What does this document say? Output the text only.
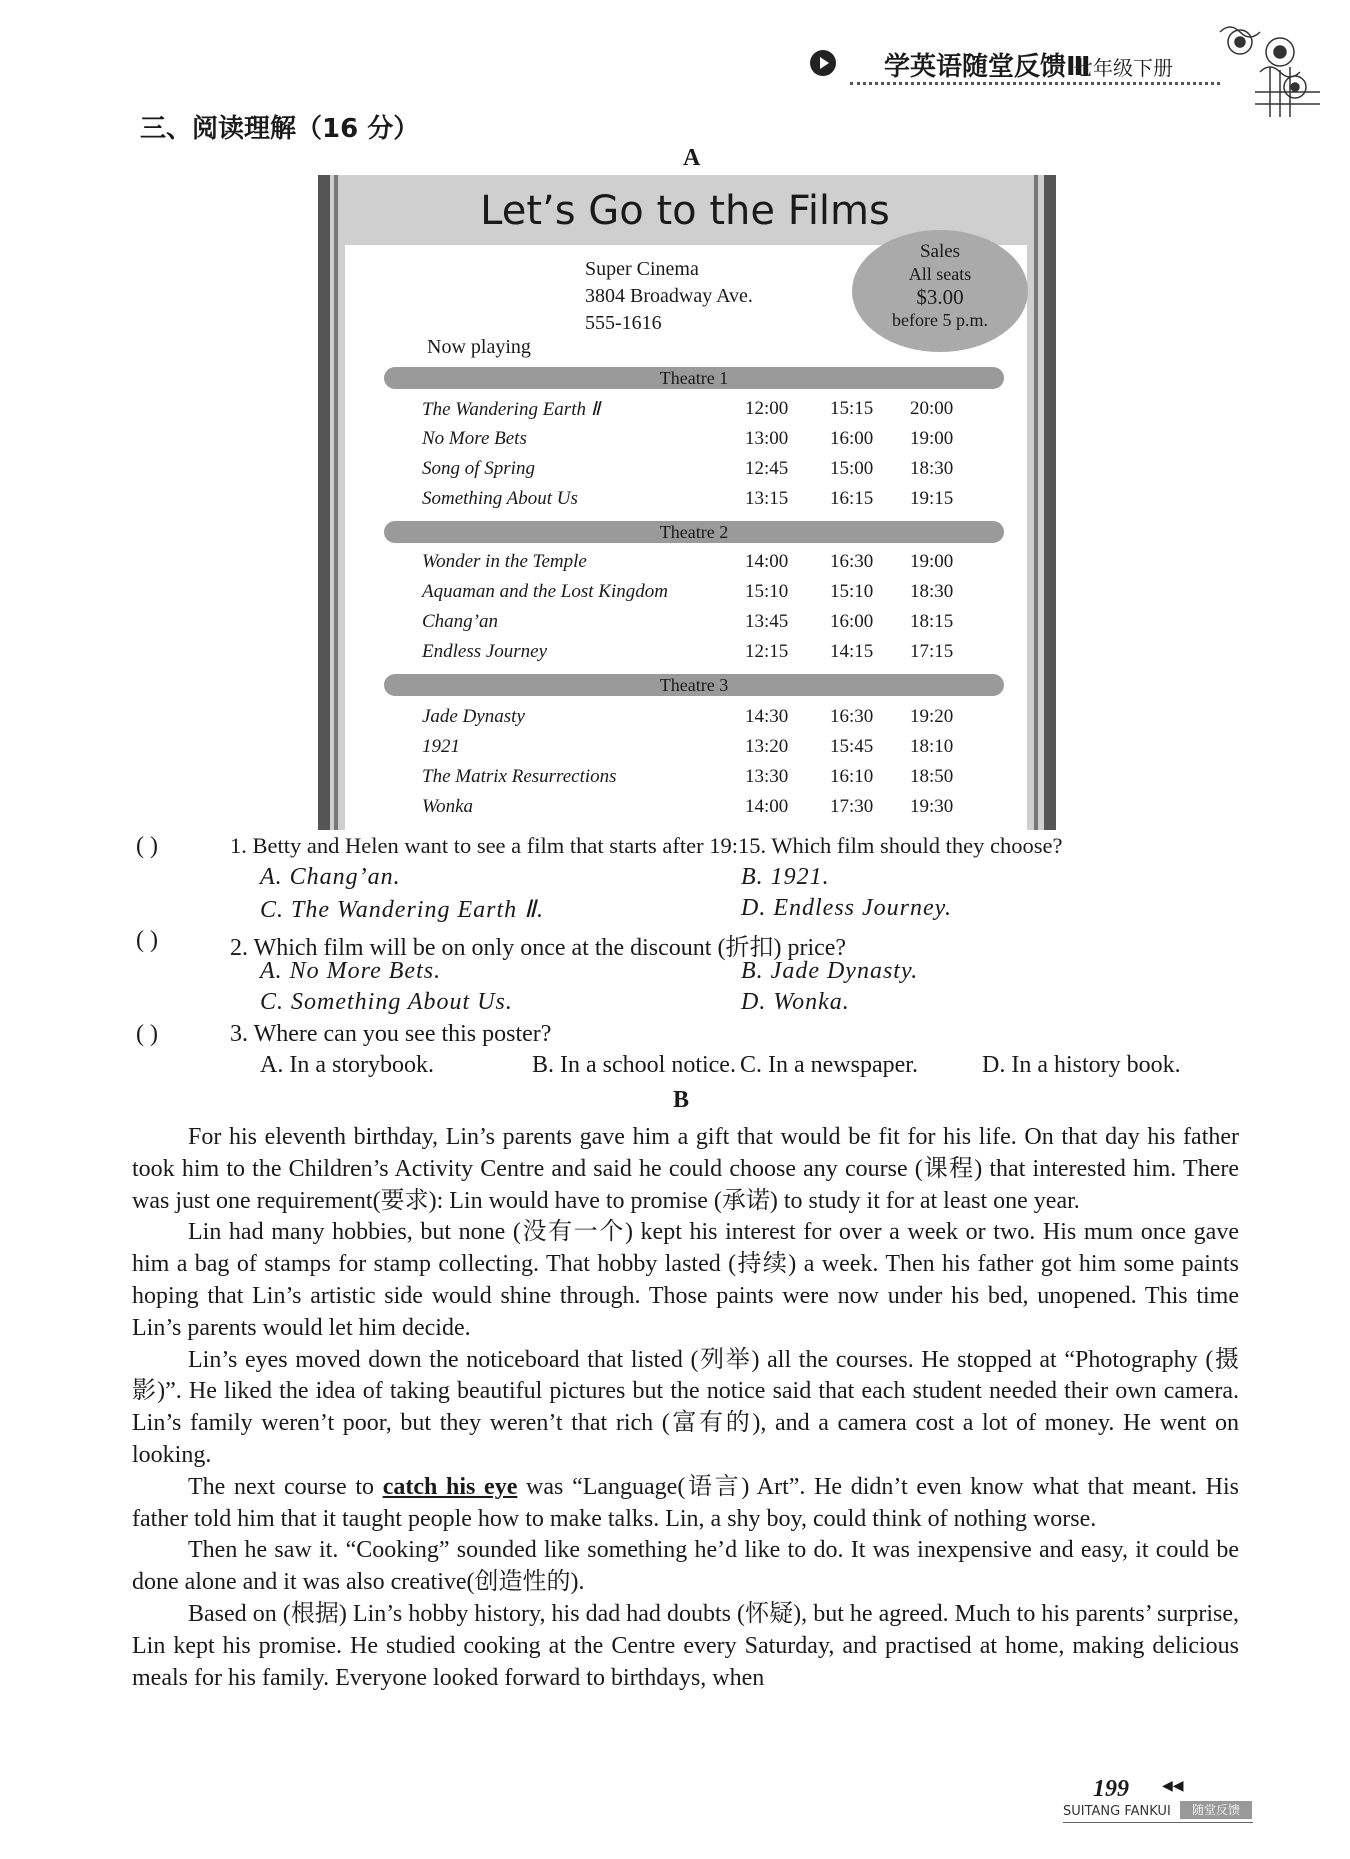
学英语随堂反馈Ⅲ
七年级下册
三、阅读理解（16 分）
A
Let’s Go to the Films
Super Cinema
3804 Broadway Ave.
555-1616
Now playing
Sales
All seats
$3.00
before 5 p.m.
Theatre 1
The Wandering Earth Ⅱ	12:00 15:15 20:00
No More Bets	13:00 16:00 19:00
Song of Spring	12:45 15:00 18:30
Something About Us	13:15 16:15 19:15
Theatre 2
Wonder in the Temple	14:00 16:30 19:00
Aquaman and the Lost Kingdom	15:10 15:10 18:30
Chang’an	13:45 16:00 18:15
Endless Journey	12:15 14:15 17:15
Theatre 3
Jade Dynasty	14:30 16:30 19:20
1921	13:20 15:45 18:10
The Matrix Resurrections	13:30 16:10 18:50
Wonka	14:00 17:30 19:30
( )	1. Betty and Helen want to see a film that starts after 19:15. Which film should they choose?
A. Chang’an.	B. 1921.
C. The Wandering Earth Ⅱ.	D. Endless Journey.
( )	2. Which film will be on only once at the discount (折扣) price?
A. No More Bets.	B. Jade Dynasty.
C. Something About Us.	D. Wonka.
( )	3. Where can you see this poster?
A. In a storybook.	B. In a school notice. C. In a newspaper.	D. In a history book.
B

For his eleventh birthday, Lin’s parents gave him a gift that would be fit for his life. On that day his father took him to the Children’s Activity Centre and said he could choose any course (课程) that interested him. There was just one requirement(要求): Lin would have to promise (承诺) to study it for at least one year.

Lin had many hobbies, but none (没有一个) kept his interest for over a week or two. His mum once gave him a bag of stamps for stamp collecting. That hobby lasted (持续) a week. Then his father got him some paints hoping that Lin’s artistic side would shine through. Those paints were now under his bed, unopened. This time Lin’s parents would let him decide.

Lin’s eyes moved down the noticeboard that listed (列举) all the courses. He stopped at “Photography (摄影)”. He liked the idea of taking beautiful pictures but the notice said that each student needed their own camera. Lin’s family weren’t poor, but they weren’t that rich (富有的), and a camera cost a lot of money. He went on looking.

The next course to catch his eye was “Language(语言) Art”. He didn’t even know what that meant. His father told him that it taught people how to make talks. Lin, a shy boy, could think of nothing worse.

Then he saw it. “Cooking” sounded like something he’d like to do. It was inexpensive and easy, it could be done alone and it was also creative(创造性的).

Based on (根据) Lin’s hobby history, his dad had doubts (怀疑), but he agreed. Much to his parents’ surprise, Lin kept his promise. He studied cooking at the Centre every Saturday, and practised at home, making delicious meals for his family. Everyone looked forward to birthdays, when

199 ◀◀
SUITANG FANKUI	随堂反馈
